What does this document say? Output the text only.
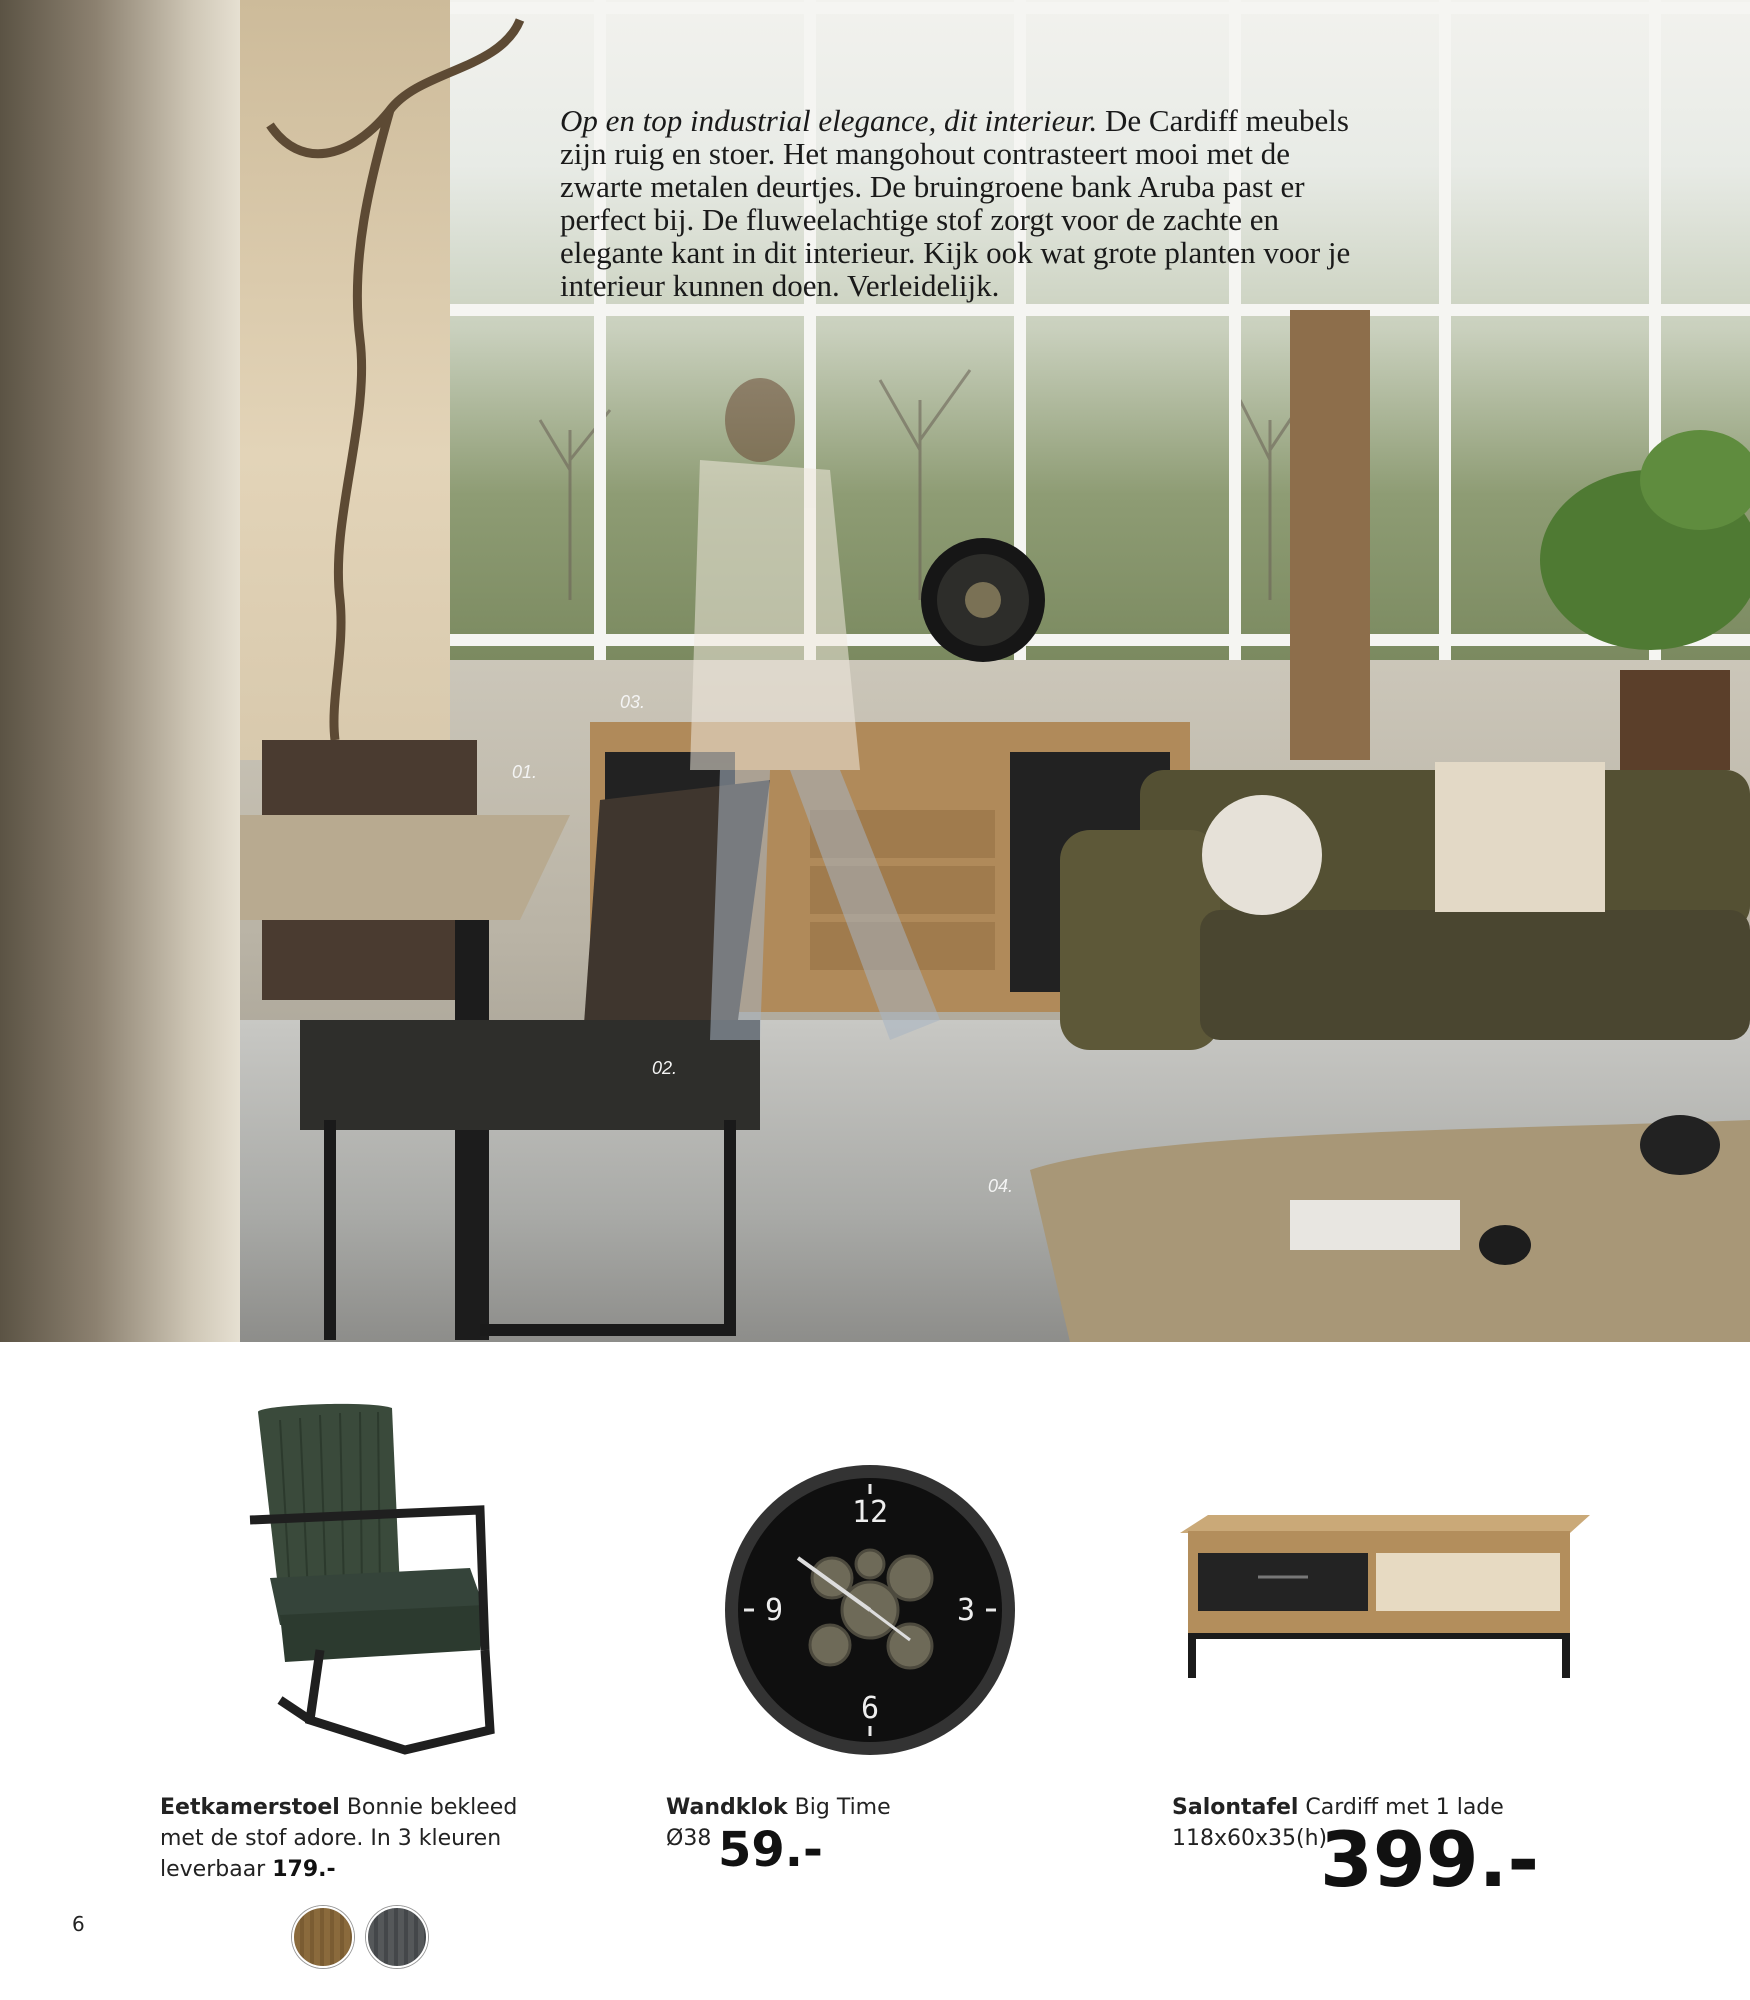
Op en top industrial elegance, dit interieur. De Cardiff meubels zijn ruig en stoer. Het mangohout contrasteert mooi met de zwarte metalen deurtjes. De bruingroene bank Aruba past er perfect bij. De fluweelachtige stof zorgt voor de zachte en elegante kant in dit interieur. Kijk ook wat grote planten voor je interieur kunnen doen. Verleidelijk.

01.
02.
03.
04.

Eetkamerstoel Bonnie bekleed
met de stof adore. In 3 kleuren
leverbaar 179.-

12
6
9	3

Wandklok Big Time
Ø38 59.-

Salontafel Cardiff met 1 lade
118x60x35(h)

399.-
6
